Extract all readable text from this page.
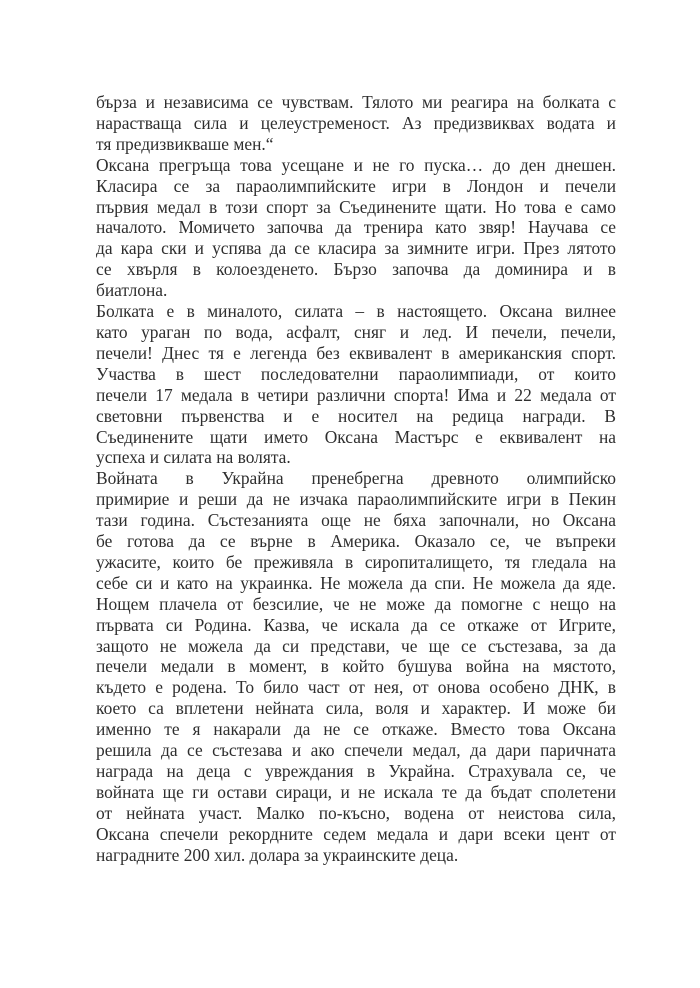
бърза и независима се чувствам. Тялото ми реагира на болката с
нарастваща сила и целеустременост. Аз предизвиквах водата и
тя предизвикваше мен.“
Оксана прегръща това усещане и не го пуска… до ден днешен.
Класира се за параолимпийските игри в Лондон и печели
първия медал в този спорт за Съединените щати. Но това е само
началото. Момичето започва да тренира като звяр! Научава се
да кара ски и успява да се класира за зимните игри. През лятото
се хвърля в колоезденето. Бързо започва да доминира и в
биатлона.
Болката е в миналото, силата – в настоящето. Оксана вилнее
като ураган по вода, асфалт, сняг и лед. И печели, печели,
печели! Днес тя е легенда без еквивалент в американския спорт.
Участва в шест последователни параолимпиади, от които
печели 17 медала в четири различни спорта! Има и 22 медала от
световни първенства и е носител на редица награди. В
Съединените щати името Оксана Мастърс е еквивалент на
успеха и силата на волята.
Войната в Украйна пренебрегна древното олимпийско
примирие и реши да не изчака параолимпийските игри в Пекин
тази година. Състезанията още не бяха започнали, но Оксана
бе готова да се върне в Америка. Оказало се, че въпреки
ужасите, които бе преживяла в сиропиталището, тя гледала на
себе си и като на украинка. Не можела да спи. Не можела да яде.
Нощем плачела от безсилие, че не може да помогне с нещо на
първата си Родина. Казва, че искала да се откаже от Игрите,
защото не можела да си представи, че ще се състезава, за да
печели медали в момент, в който бушува война на мястото,
където е родена. То било част от нея, от онова особено ДНК, в
което са вплетени нейната сила, воля и характер. И може би
именно те я накарали да не се откаже. Вместо това Оксана
решила да се състезава и ако спечели медал, да дари паричната
награда на деца с увреждания в Украйна. Страхувала се, че
войната ще ги остави сираци, и не искала те да бъдат сполетени
от нейната участ. Малко по-късно, водена от неистова сила,
Оксана спечели рекордните седем медала и дари всеки цент от
наградните 200 хил. долара за украинските деца.
